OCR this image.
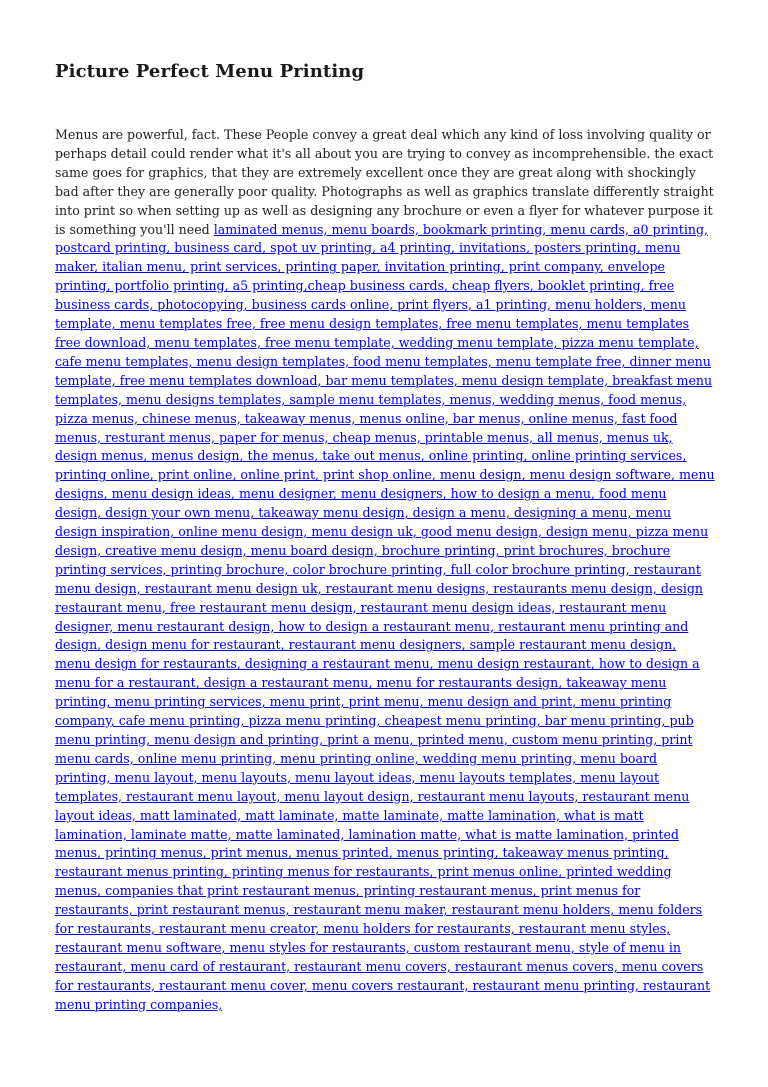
Picture Perfect Menu Printing

Menus are powerful, fact. These People convey a great deal which any kind of loss involving quality or perhaps detail could render what it's all about you are trying to convey as incomprehensible. the exact same goes for graphics, that they are extremely excellent once they are great along with shockingly bad after they are generally poor quality. Photographs as well as graphics translate differently straight into print so when setting up as well as designing any brochure or even a flyer for whatever purpose it is something you'll need laminated menus, menu boards, bookmark printing, menu cards, a0 printing, postcard printing, business card, spot uv printing, a4 printing, invitations, posters printing, menu maker, italian menu, print services, printing paper, invitation printing, print company, envelope printing, portfolio printing, a5 printing,cheap business cards, cheap flyers, booklet printing, free business cards, photocopying, business cards online, print flyers, a1 printing, menu holders, menu template, menu templates free, free menu design templates, free menu templates, menu templates free download, menu templates, free menu template, wedding menu template, pizza menu template, cafe menu templates, menu design templates, food menu templates, menu template free, dinner menu template, free menu templates download, bar menu templates, menu design template, breakfast menu templates, menu designs templates, sample menu templates, menus, wedding menus, food menus, pizza menus, chinese menus, takeaway menus, menus online, bar menus, online menus, fast food menus, resturant menus, paper for menus, cheap menus, printable menus, all menus, menus uk, design menus, menus design, the menus, take out menus, online printing, online printing services, printing online, print online, online print, print shop online, menu design, menu design software, menu designs, menu design ideas, menu designer, menu designers, how to design a menu, food menu design, design your own menu, takeaway menu design, design a menu, designing a menu, menu design inspiration, online menu design, menu design uk, good menu design, design menu, pizza menu design, creative menu design, menu board design, brochure printing, print brochures, brochure printing services, printing brochure, color brochure printing, full color brochure printing, restaurant menu design, restaurant menu design uk, restaurant menu designs, restaurants menu design, design restaurant menu, free restaurant menu design, restaurant menu design ideas, restaurant menu designer, menu restaurant design, how to design a restaurant menu, restaurant menu printing and design, design menu for restaurant, restaurant menu designers, sample restaurant menu design, menu design for restaurants, designing a restaurant menu, menu design restaurant, how to design a menu for a restaurant, design a restaurant menu, menu for restaurants design, takeaway menu printing, menu printing services, menu print, print menu, menu design and print, menu printing company, cafe menu printing, pizza menu printing, cheapest menu printing, bar menu printing, pub menu printing, menu design and printing, print a menu, printed menu, custom menu printing, print menu cards, online menu printing, menu printing online, wedding menu printing, menu board printing, menu layout, menu layouts, menu layout ideas, menu layouts templates, menu layout templates, restaurant menu layout, menu layout design, restaurant menu layouts, restaurant menu layout ideas, matt laminated, matt laminate, matte laminate, matte lamination, what is matt lamination, laminate matte, matte laminated, lamination matte, what is matte lamination, printed menus, printing menus, print menus, menus printed, menus printing, takeaway menus printing, restaurant menus printing, printing menus for restaurants, print menus online, printed wedding menus, companies that print restaurant menus, printing restaurant menus, print menus for restaurants, print restaurant menus, restaurant menu maker, restaurant menu holders, menu folders for restaurants, restaurant menu creator, menu holders for restaurants, restaurant menu styles, restaurant menu software, menu styles for restaurants, custom restaurant menu, style of menu in restaurant, menu card of restaurant, restaurant menu covers, restaurant menus covers, menu covers for restaurants, restaurant menu cover, menu covers restaurant, restaurant menu printing, restaurant menu printing companies,
